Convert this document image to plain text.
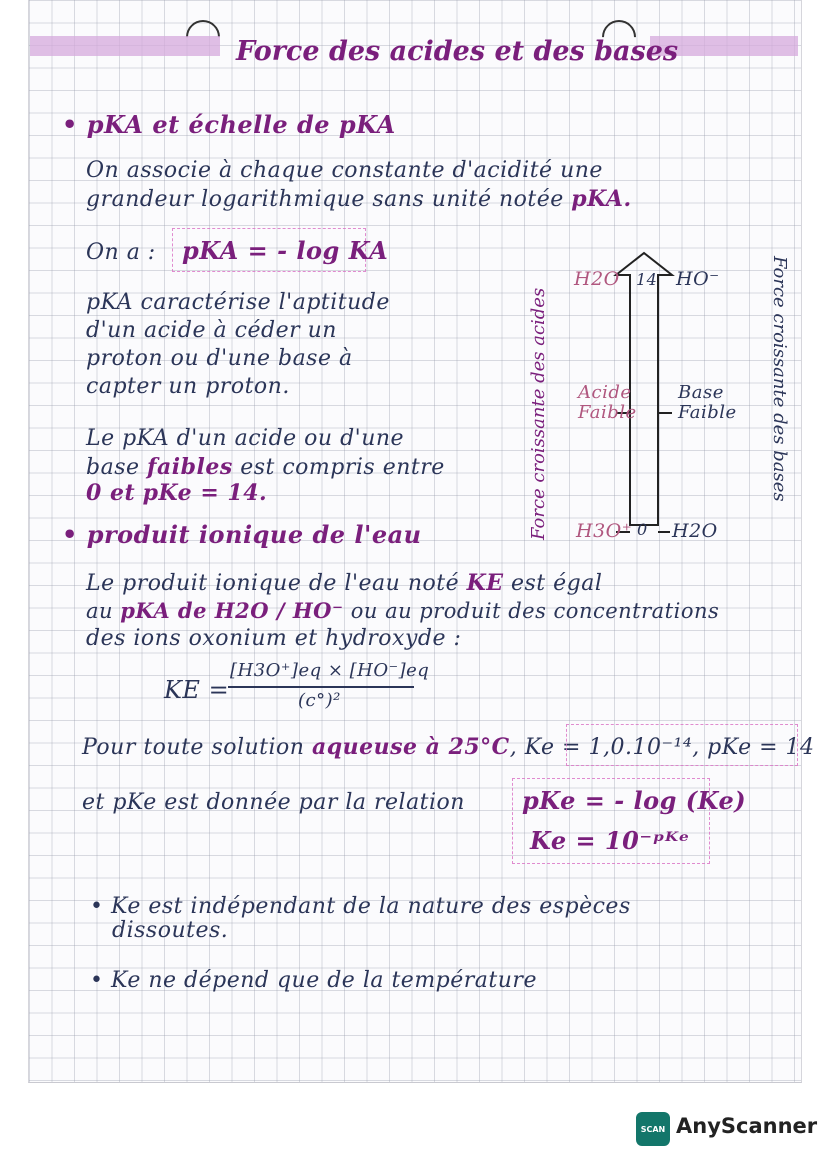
Force des acides et des bases
• pKA et échelle de pKA
On associe à chaque constante d'acidité une
grandeur logarithmique sans unité notée pKA.
On a : pKA = - log KA
pKA caractérise l'aptitude
d'un acide à céder un
proton ou d'une base à
capter un proton.
Le pKA d'un acide ou d'une
base faibles est compris entre
0 et pKe = 14.	Force croissante des acides	Force croissante des bases
H2O 14 HO⁻
Acide
Faible
Base
Faible
H3O⁺ 0 H2O
• produit ionique de l'eau
Le produit ionique de l'eau noté KE est égal
au pKA de H2O / HO⁻ ou au produit des concentrations
des ions oxonium et hydroxyde :
KE =
[H3O⁺]eq × [HO⁻]eq
(c°)²
Pour toute solution aqueuse à 25°C, Ke = 1,0.10⁻¹⁴, pKe = 14
et pKe est donnée par la relation pKe = - log (Ke)
Ke = 10⁻ᵖᴷᵉ
• Ke est indépendant de la nature des espèces
dissoutes.
• Ke ne dépend que de la température
SCAN AnyScanner
